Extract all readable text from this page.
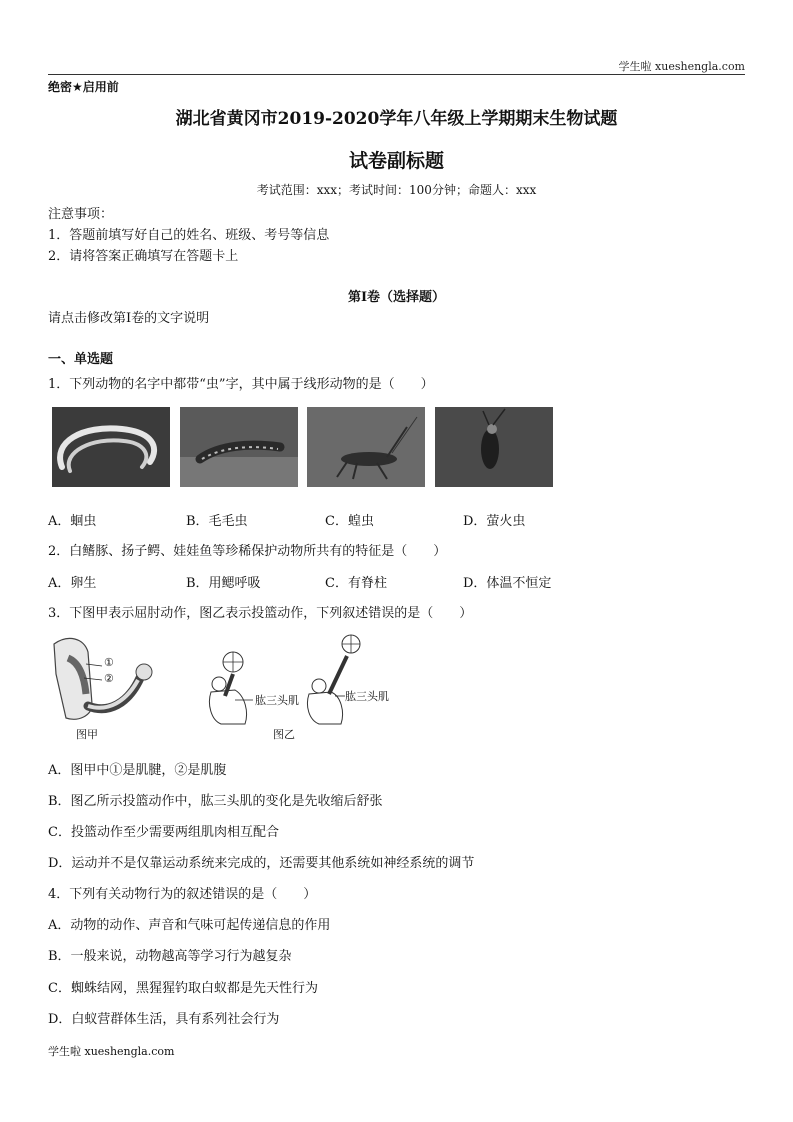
学生啦 xueshengla.com
绝密★启用前
湖北省黄冈市2019-2020学年八年级上学期期末生物试题
试卷副标题
考试范围：xxx；考试时间：100分钟；命题人：xxx
注意事项：
1．答题前填写好自己的姓名、班级、考号等信息
2．请将答案正确填写在答题卡上
第I卷（选择题）
请点击修改第I卷的文字说明
一、单选题
1．下列动物的名字中都带“虫”字，其中属于线形动物的是（　　）
A．蛔虫	B．毛毛虫	C．蝗虫	D．萤火虫
2．白鳍豚、扬子鳄、娃娃鱼等珍稀保护动物所共有的特征是（　　）
A．卵生	B．用鳃呼吸	C．有脊柱	D．体温不恒定
3．下图甲表示屈肘动作，图乙表示投篮动作，下列叙述错误的是（　　）
①
②
图甲
肱三头肌	肱三头肌
图乙
A．图甲中①是肌腱，②是肌腹
B．图乙所示投篮动作中，肱三头肌的变化是先收缩后舒张
C．投篮动作至少需要两组肌肉相互配合
D．运动并不是仅靠运动系统来完成的，还需要其他系统如神经系统的调节
4．下列有关动物行为的叙述错误的是（　　）
A．动物的动作、声音和气味可起传递信息的作用
B．一般来说，动物越高等学习行为越复杂
C．蜘蛛结网，黑猩猩钓取白蚁都是先天性行为
D．白蚁营群体生活，具有系列社会行为
学生啦 xueshengla.com
